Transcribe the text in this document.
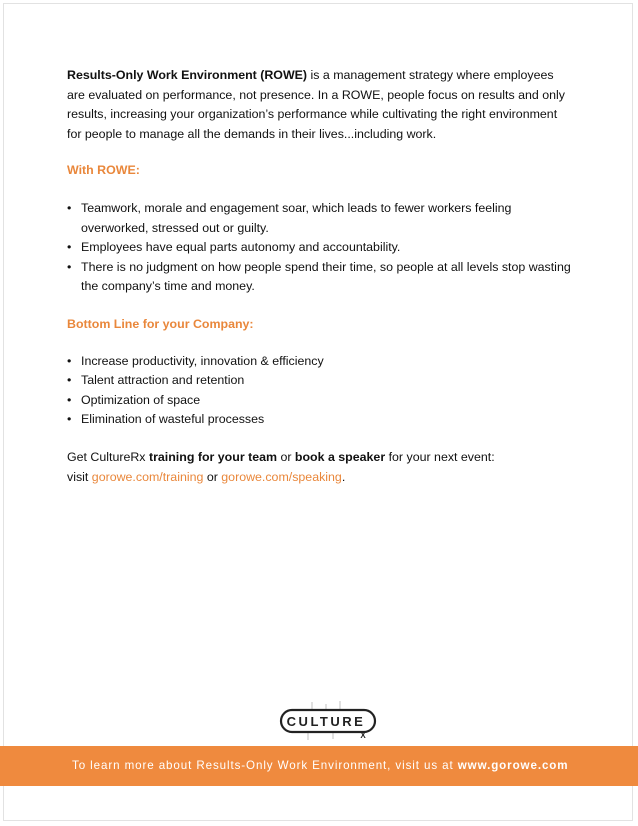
Results-Only Work Environment (ROWE) is a management strategy where employees are evaluated on performance, not presence. In a ROWE, people focus on results and only results, increasing your organization’s performance while cultivating the right environment for people to manage all the demands in their lives...including work.

With ROWE:

• Teamwork, morale and engagement soar, which leads to fewer workers feeling overworked, stressed out or guilty.
• Employees have equal parts autonomy and accountability.
• There is no judgment on how people spend their time, so people at all levels stop wasting the company’s time and money.

Bottom Line for your Company:

• Increase productivity, innovation & efficiency
• Talent attraction and retention
• Optimization of space
• Elimination of wasteful processes

Get CultureRx training for your team or book a speaker for your next event:

visit gorowe.com/training or gorowe.com/speaking.

CULTURE
X
To learn more about Results-Only Work Environment, visit us at www.gorowe.com
